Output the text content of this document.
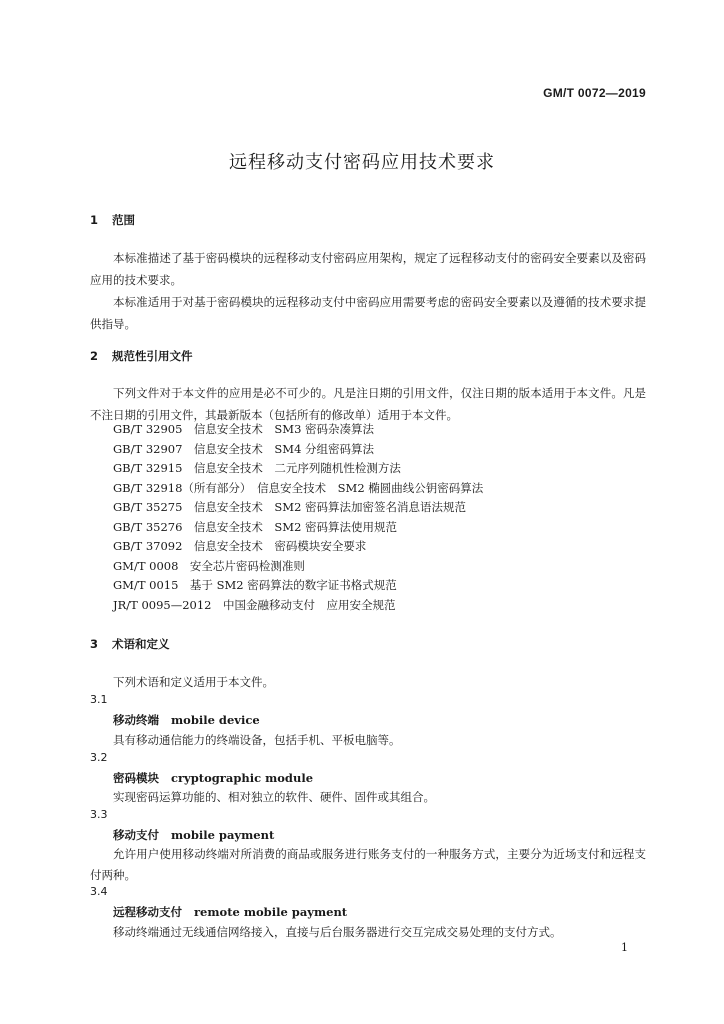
GM/T 0072—2019
远程移动支付密码应用技术要求
1 范围

本标准描述了基于密码模块的远程移动支付密码应用架构，规定了远程移动支付的密码安全要素以及密码应用的技术要求。

本标准适用于对基于密码模块的远程移动支付中密码应用需要考虑的密码安全要素以及遵循的技术要求提供指导。

2 规范性引用文件

下列文件对于本文件的应用是必不可少的。凡是注日期的引用文件，仅注日期的版本适用于本文件。凡是不注日期的引用文件，其最新版本（包括所有的修改单）适用于本文件。

GB/T 32905　信息安全技术　SM3 密码杂凑算法
GB/T 32907　信息安全技术　SM4 分组密码算法
GB/T 32915　信息安全技术　二元序列随机性检测方法
GB/T 32918（所有部分）　信息安全技术　SM2 椭圆曲线公钥密码算法
GB/T 35275　信息安全技术　SM2 密码算法加密签名消息语法规范
GB/T 35276　信息安全技术　SM2 密码算法使用规范
GB/T 37092　信息安全技术　密码模块安全要求
GM/T 0008　安全芯片密码检测准则
GM/T 0015　基于 SM2 密码算法的数字证书格式规范
JR/T 0095—2012　中国金融移动支付　应用安全规范
3 术语和定义

下列术语和定义适用于本文件。

3.1
移动终端 mobile device
具有移动通信能力的终端设备，包括手机、平板电脑等。
3.2
密码模块 cryptographic module
实现密码运算功能的、相对独立的软件、硬件、固件或其组合。
3.3
移动支付 mobile payment

允许用户使用移动终端对所消费的商品或服务进行账务支付的一种服务方式，主要分为近场支付和远程支付两种。

3.4
远程移动支付 remote mobile payment
移动终端通过无线通信网络接入，直接与后台服务器进行交互完成交易处理的支付方式。
1
